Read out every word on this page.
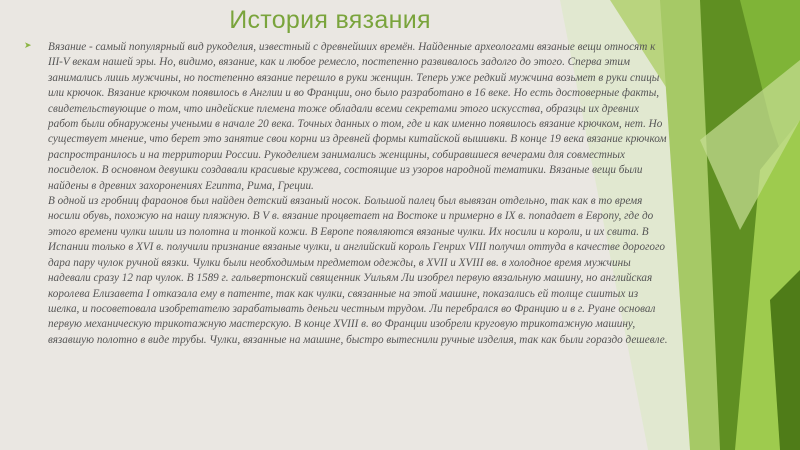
История вязания
➤ Вязание - самый популярный вид рукоделия, известный с древнейших времён. Найденные археологами вязаные вещи относят к III-V векам нашей эры. Но, видимо, вязание, как и любое ремесло, постепенно развивалось задолго до этого. Сперва этим занимались лишь мужчины, но постепенно вязание перешло в руки женщин. Теперь уже редкий мужчина возьмет в руки спицы или крючок. Вязание крючком появилось в Англии и во Франции, оно было разработано в 16 веке. Но есть достоверные факты, свидетельствующие о том, что индейские племена тоже обладали всеми секретами этого искусства, образцы их древних работ были обнаружены учеными в начале 20 века. Точных данных о том, где и как именно появилось вязание крючком, нет. Но существует мнение, что берет это занятие свои корни из древней формы китайской вышивки. В конце 19 века вязание крючком распространилось и на территории России. Рукоделием занимались женщины, собиравшиеся вечерами для совместных посиделок. В основном девушки создавали красивые кружева, состоящие из узоров народной тематики. Вязаные вещи были найдены в древних захоронениях Египта, Рима, Греции.
В одной из гробниц фараонов был найден детский вязаный носок. Большой палец был вывязан отдельно, так как в то время носили обувь, похожую на нашу пляжную. В V в. вязание процветает на Востоке и примерно в IX в. попадает в Европу, где до этого времени чулки шили из полотна и тонкой кожи. В Европе появляются вязаные чулки. Их носили и короли, и их свита. В Испании только в XVI в. получили признание вязаные чулки, и английский король Генрих VIII получил оттуда в качестве дорогого дара пару чулок ручной вязки. Чулки были необходимым предметом одежды, в XVII и XVIII вв. в холодное время мужчины надевали сразу 12 пар чулок. В 1589 г. гальвертонский священник Уильям Ли изобрел первую вязальную машину, но английская королева Елизавета I отказала ему в патенте, так как чулки, связанные на этой машине, показались ей толще сшитых из шелка, и посоветовала изобретателю зарабатывать деньги честным трудом. Ли перебрался во Францию и в г. Руане основал первую механическую трикотажную мастерскую. В конце XVIII в. во Франции изобрели круговую трикотажную машину, вязавшую полотно в виде трубы. Чулки, вязанные на машине, быстро вытеснили ручные изделия, так как были гораздо дешевле.
